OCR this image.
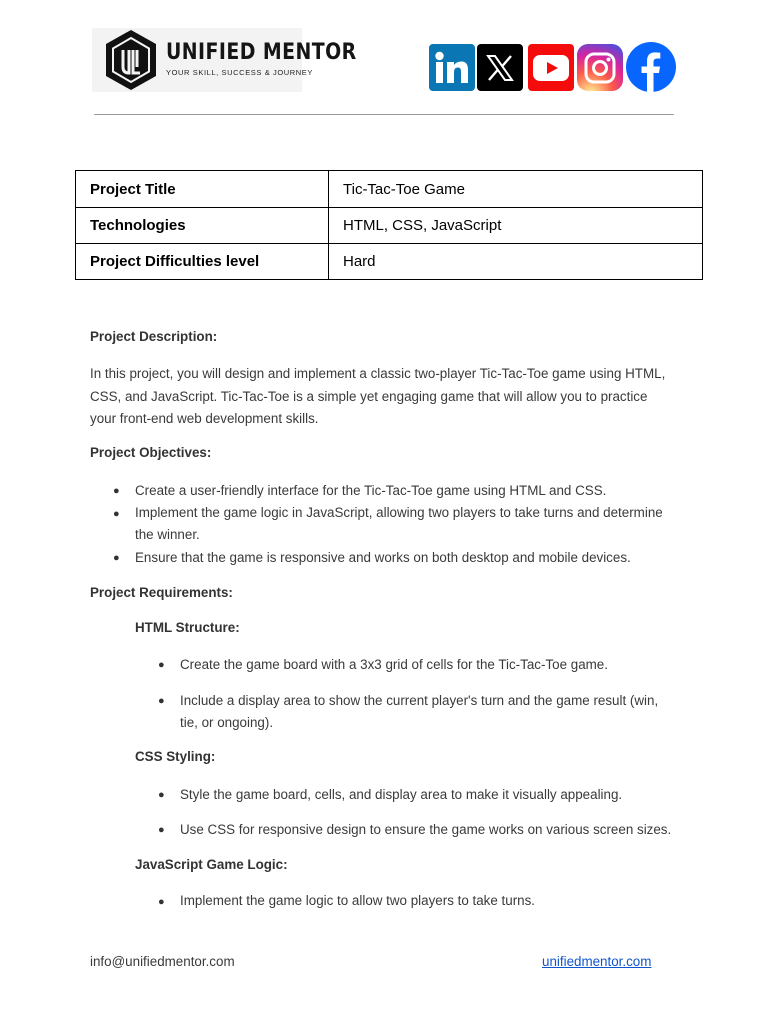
UNIFIED MENTOR
YOUR SKILL, SUCCESS & JOURNEY
Project Title	Tic-Tac-Toe Game
Technologies	HTML, CSS, JavaScript
Project Difficulties level	Hard
Project Description:
In this project, you will design and implement a classic two-player Tic-Tac-Toe game using HTML,
CSS, and JavaScript. Tic-Tac-Toe is a simple yet engaging game that will allow you to practice
your front-end web development skills.
Project Objectives:
● Create a user-friendly interface for the Tic-Tac-Toe game using HTML and CSS.
● Implement the game logic in JavaScript, allowing two players to take turns and determine
the winner.
● Ensure that the game is responsive and works on both desktop and mobile devices.
Project Requirements:
HTML Structure:
● Create the game board with a 3x3 grid of cells for the Tic-Tac-Toe game.
● Include a display area to show the current player's turn and the game result (win,
tie, or ongoing).
CSS Styling:
● Style the game board, cells, and display area to make it visually appealing.
● Use CSS for responsive design to ensure the game works on various screen sizes.
JavaScript Game Logic:
● Implement the game logic to allow two players to take turns.
info@unifiedmentor.com	unifiedmentor.com
